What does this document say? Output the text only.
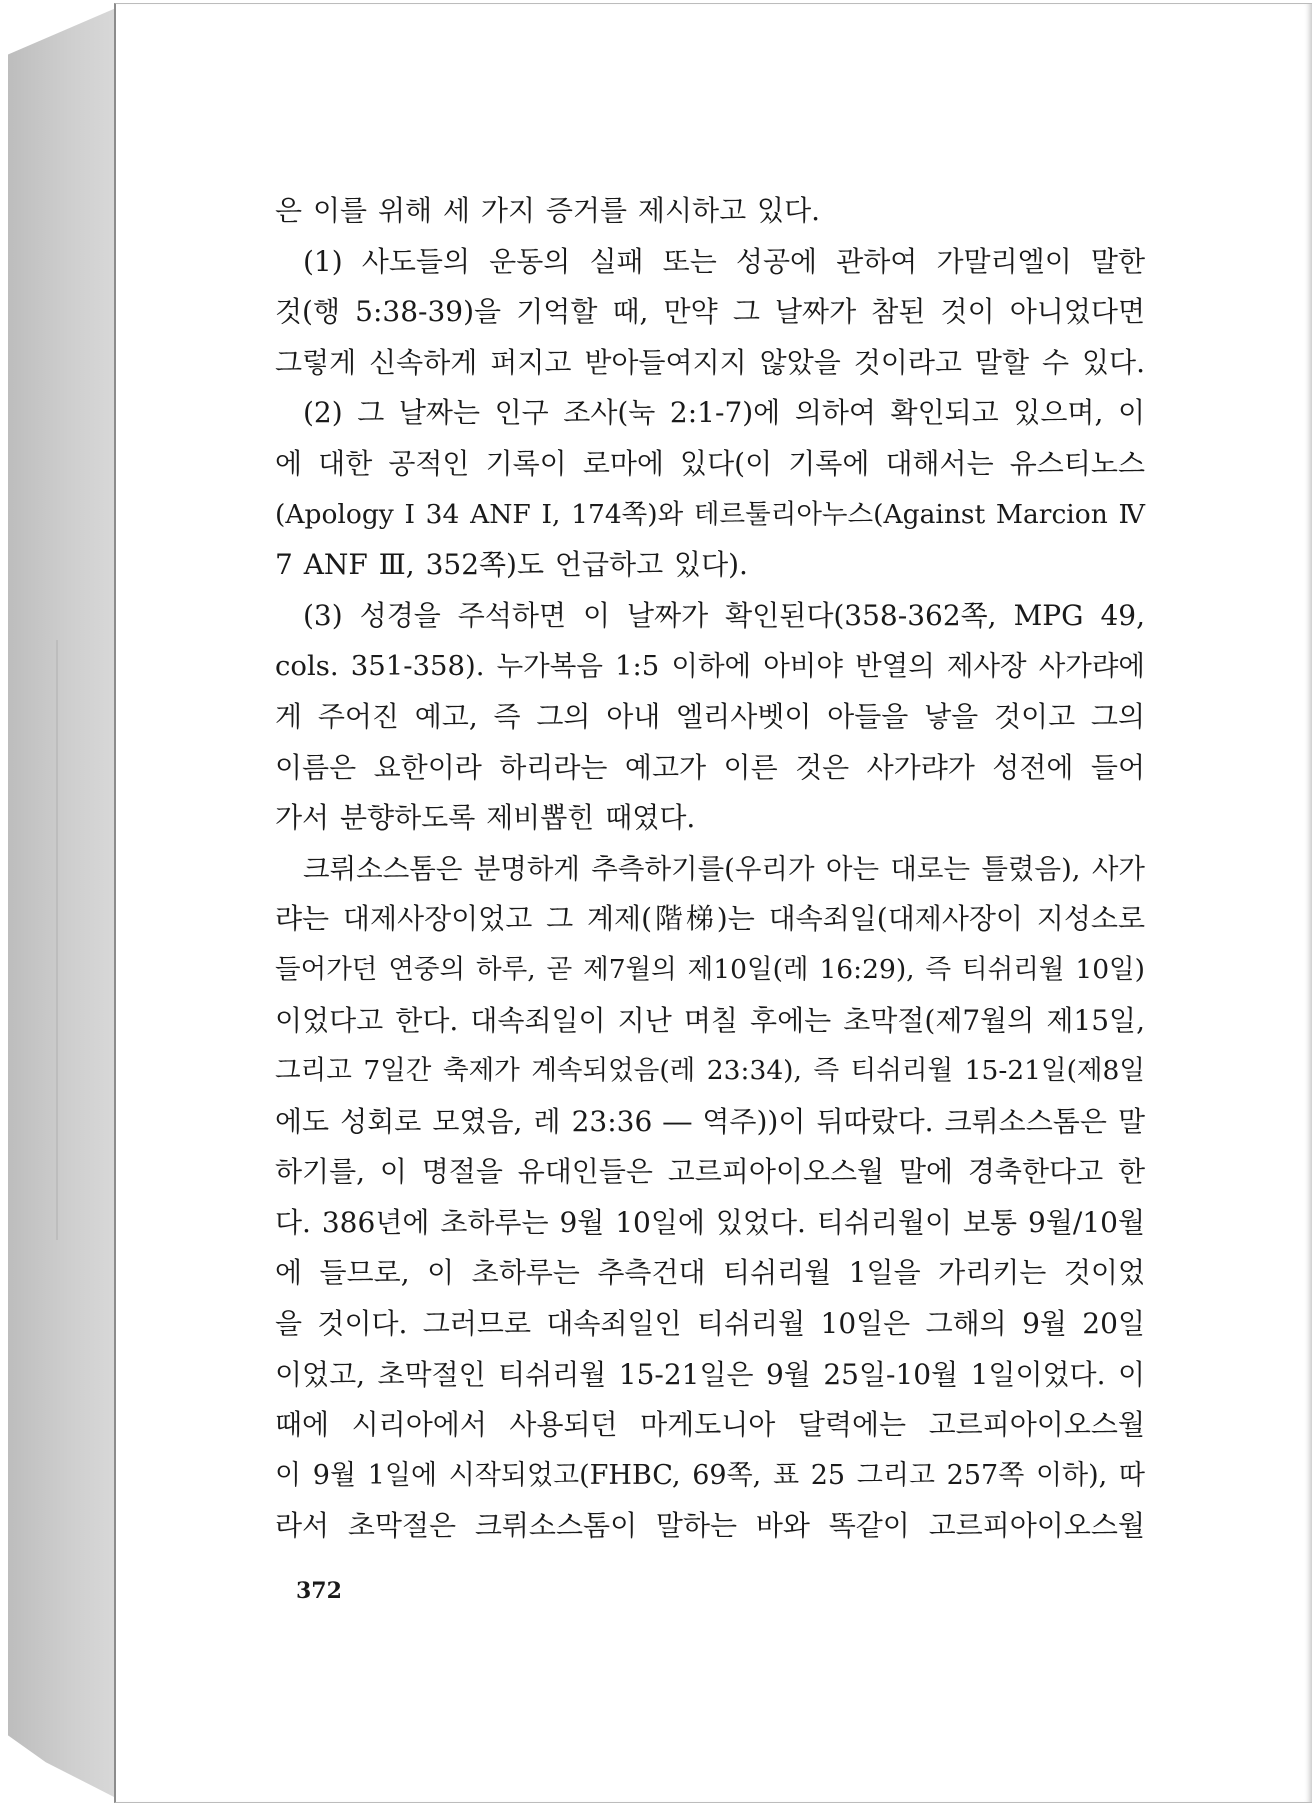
은 이를 위해 세 가지 증거를 제시하고 있다.
(1) 사도들의 운동의 실패 또는 성공에 관하여 가말리엘이 말한
것(행 5:38-39)을 기억할 때, 만약 그 날짜가 참된 것이 아니었다면
그렇게 신속하게 퍼지고 받아들여지지 않았을 것이라고 말할 수 있다.
(2) 그 날짜는 인구 조사(눅 2:1-7)에 의하여 확인되고 있으며, 이
에 대한 공적인 기록이 로마에 있다(이 기록에 대해서는 유스티노스
(Apology I 34 ANF I, 174쪽)와 테르툴리아누스(Against Marcion Ⅳ
7 ANF Ⅲ, 352쪽)도 언급하고 있다).
(3) 성경을 주석하면 이 날짜가 확인된다(358-362쪽, MPG 49,
cols. 351-358). 누가복음 1:5 이하에 아비야 반열의 제사장 사가랴에
게 주어진 예고, 즉 그의 아내 엘리사벳이 아들을 낳을 것이고 그의
이름은 요한이라 하리라는 예고가 이른 것은 사가랴가 성전에 들어
가서 분향하도록 제비뽑힌 때였다.
크뤼소스톰은 분명하게 추측하기를(우리가 아는 대로는 틀렸음), 사가
랴는 대제사장이었고 그 계제(階梯)는 대속죄일(대제사장이 지성소로
들어가던 연중의 하루, 곧 제7월의 제10일(레 16:29), 즉 티쉬리월 10일)
이었다고 한다. 대속죄일이 지난 며칠 후에는 초막절(제7월의 제15일,
그리고 7일간 축제가 계속되었음(레 23:34), 즉 티쉬리월 15-21일(제8일
에도 성회로 모였음, 레 23:36 ― 역주))이 뒤따랐다. 크뤼소스톰은 말
하기를, 이 명절을 유대인들은 고르피아이오스월 말에 경축한다고 한
다. 386년에 초하루는 9월 10일에 있었다. 티쉬리월이 보통 9월/10월
에 들므로, 이 초하루는 추측건대 티쉬리월 1일을 가리키는 것이었
을 것이다. 그러므로 대속죄일인 티쉬리월 10일은 그해의 9월 20일
이었고, 초막절인 티쉬리월 15-21일은 9월 25일-10월 1일이었다. 이
때에 시리아에서 사용되던 마게도니아 달력에는 고르피아이오스월
이 9월 1일에 시작되었고(FHBC, 69쪽, 표 25 그리고 257쪽 이하), 따
라서 초막절은 크뤼소스톰이 말하는 바와 똑같이 고르피아이오스월
372
